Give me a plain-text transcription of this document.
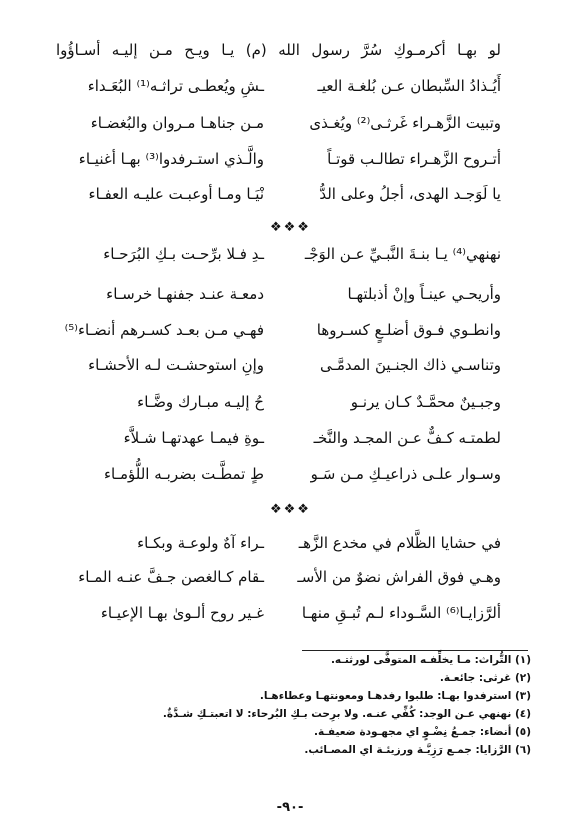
لو بهـا أكرمـوكِ سُرَّ رسول الله (م) يـا ويـح مـن إليـه أسـاؤُوا
أَيُـذادُ السِّبطان عـن بُلغـة العيـ
ـشِ ويُعطـى تراثـه⁽¹⁾ البُعَـداء
وتبيت الزَّهـراء غَرثـى⁽²⁾ ويُغـذى
مـن جناهـا مـروان والبُغضـاء
أتـروح الزَّهـراء تطالـب قوتـاً
والَّـذي استـرفدوا⁽³⁾ بهـا أغنيـاء
يا لَوَجـد الهدى، أجلُ وعلى الدُّ
نْيَـا ومـا أوعبـت عليـه العفـاء
❖❖❖
نهنهي⁽⁴⁾ يـا بنـةَ النَّبـيِّ عـن الوَجْـ
ـدِ فـلا برِّحـت بـكِ البُرَحـاء
وأريحـي عينـاً وإنْ أذبلتهـا
دمعـة عنـد جفنهـا خرسـاء
وانطـوي فـوق أضلـعٍ كسـروها
فهـي مـن بعـد كسـرهم أنضـاء⁽⁵⁾
وتناسـي ذاك الجنـينَ المدمَّـى
وإنِ استوحشـت لـه الأحشـاء
وجبـينٌ محمَّـدٌ كـان يرنـو
حُ إليـه مبـارك وضَّـاء
لطمتـه كـفٌّ عـن المجـد والنَّخـ
ـوةِ فيمـا عهدتهـا شـلاَّء
وسـوار علـى ذراعيـكِ مـن سَـو
طٍ تمطَّـت بضربـه اللُّؤمـاء
❖❖❖
في حشايا الظَّلام في مخدع الزَّهـ
ـراء آهٌ ولوعـة وبكـاء
وهـي فوق الفراش نضوٌ من الأسـ
ـقام كـالغصن جـفَّ عنـه المـاء
ألرَّزايـا⁽⁶⁾ السَّـوداء لـم تُبـقِ منهـا
غـير روح ألـوىٰ بهـا الإعيـاء
(١) التُّراث: مـا يخلِّفـه المتوفَّى لورثتـه.
(٢) غرثى: جائعـة.
(٣) استرفدوا بهـا: طلبوا رفدهـا ومعونتهـا وعطاءهـا.
(٤) نهنهي عـن الوجد: كُفِّي عنـه. ولا برِحت بـكِ البُرحاء: لا اتعبتـكِ شـدَّةٌ.
(٥) أنضاء: جمـعُ نِضْـوٍ اي مجهـودة ضعيفـة.
(٦) الرَّزايا: جمـع رَزِيَّـة ورزيئـة اي المصـائب.
-٩٠-
